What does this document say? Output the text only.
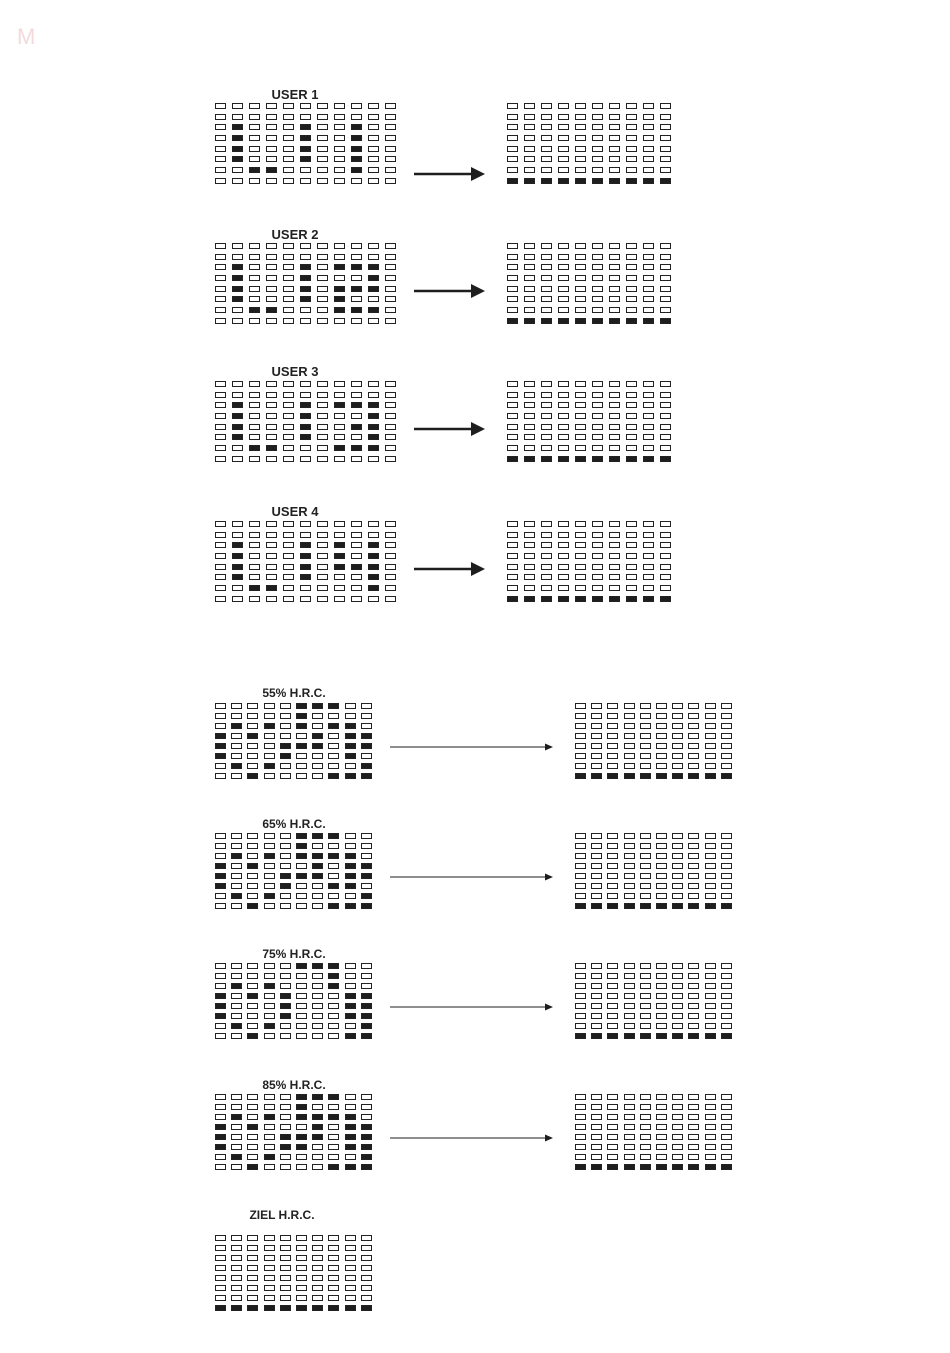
M
USER 1
USER 2
USER 3
USER 4
55% H.R.C.
65% H.R.C.
75% H.R.C.
85% H.R.C.
ZIEL H.R.C.
